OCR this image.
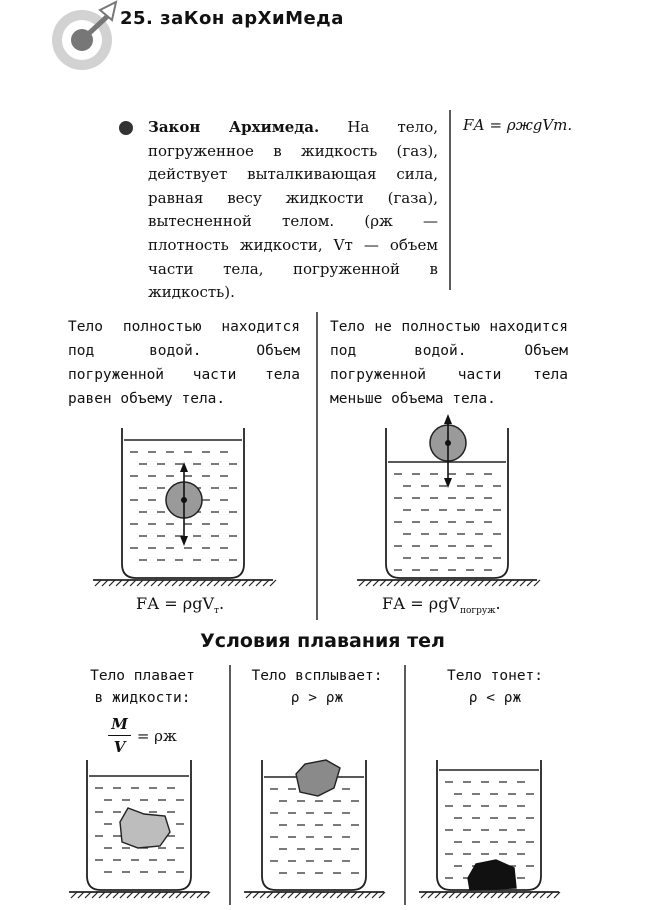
25. заКон арХиМеда
Закон Архимеда. На тело, погруженное в жидкость (газ), действует выталкивающая сила, равная весу жидкости (газа), вытесненной телом. (ρж — плотность жидкости, Vт — объем части тела, погруженной в жидкость).
FА = ρжgVт.
Тело полностью находится под водой. Объем погруженной части тела равен объему тела.
Тело не полностью находится под водой. Объем погруженной части тела меньше объема тела.
FА = ρgV$_т$.	FА = ρgV$_{погруж}$.
Условия плавания тел
Тело плавает
в жидкости:
$\frac{M}{V} = \rho ж$
Тело всплывает:
ρ > ρж
Тело тонет:
ρ < ρж
